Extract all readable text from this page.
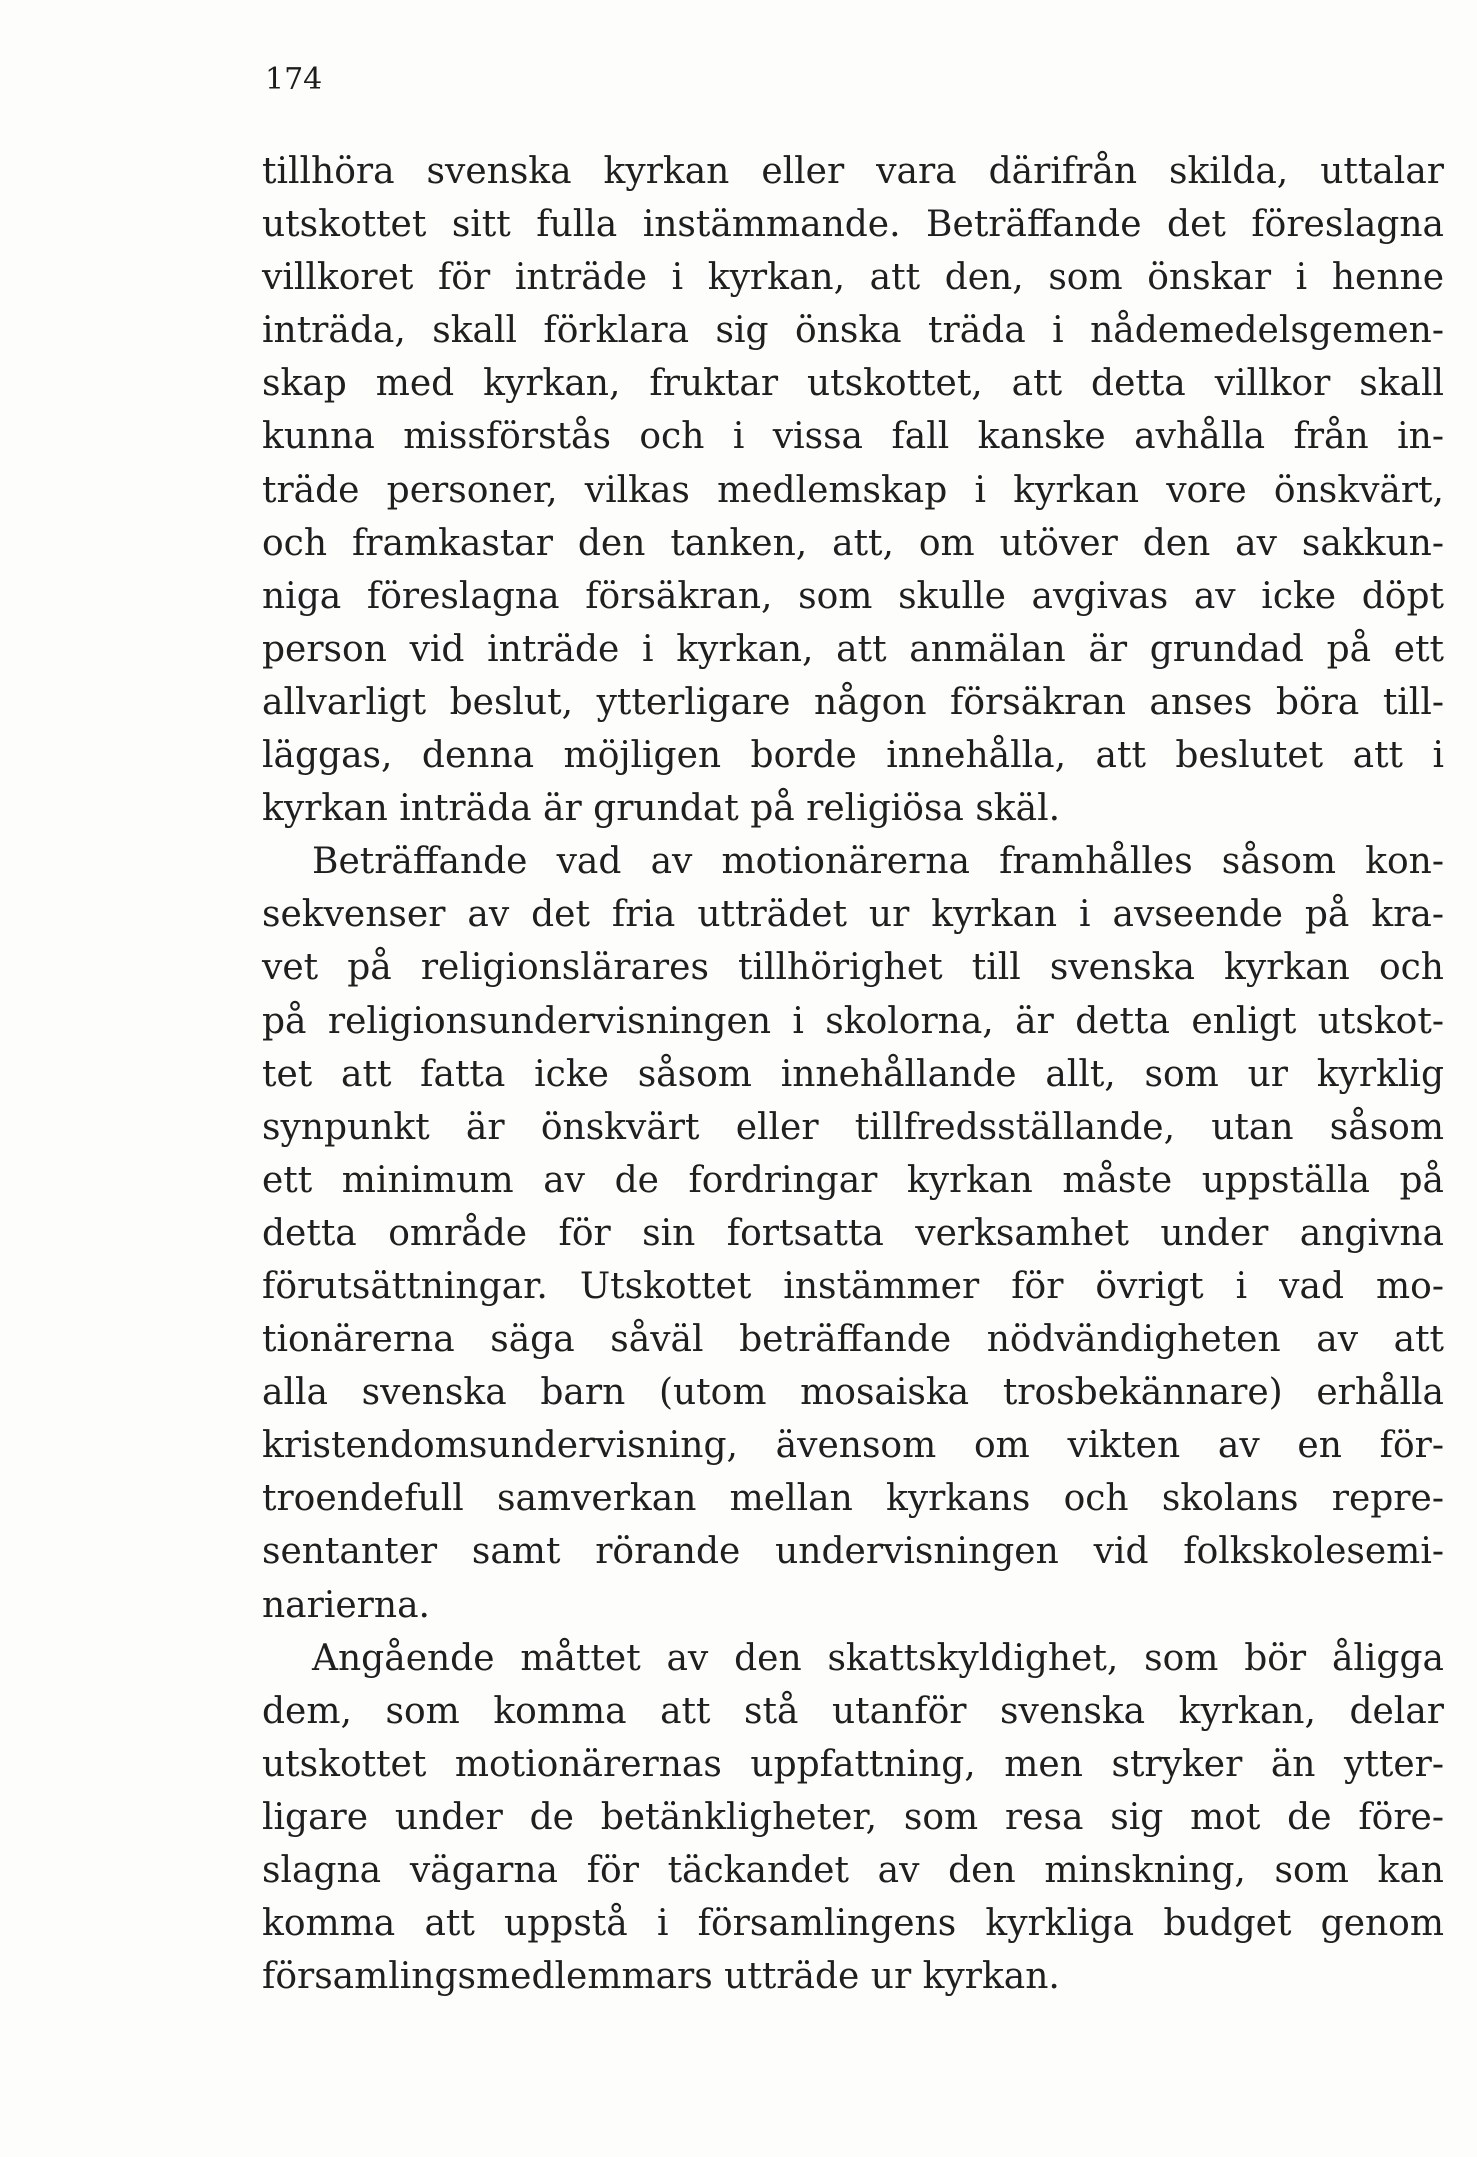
174
tillhöra svenska kyrkan eller vara därifrån skilda, uttalar
utskottet sitt fulla instämmande. Beträffande det föreslagna
villkoret för inträde i kyrkan, att den, som önskar i henne
inträda, skall förklara sig önska träda i nådemedelsgemen-
skap med kyrkan, fruktar utskottet, att detta villkor skall
kunna missförstås och i vissa fall kanske avhålla från in-
träde personer, vilkas medlemskap i kyrkan vore önskvärt,
och framkastar den tanken, att, om utöver den av sakkun-
niga föreslagna försäkran, som skulle avgivas av icke döpt
person vid inträde i kyrkan, att anmälan är grundad på ett
allvarligt beslut, ytterligare någon försäkran anses böra till-
läggas, denna möjligen borde innehålla, att beslutet att i
kyrkan inträda är grundat på religiösa skäl.
Beträffande vad av motionärerna framhålles såsom kon-
sekvenser av det fria utträdet ur kyrkan i avseende på kra-
vet på religionslärares tillhörighet till svenska kyrkan och
på religionsundervisningen i skolorna, är detta enligt utskot-
tet att fatta icke såsom innehållande allt, som ur kyrklig
synpunkt är önskvärt eller tillfredsställande, utan såsom
ett minimum av de fordringar kyrkan måste uppställa på
detta område för sin fortsatta verksamhet under angivna
förutsättningar. Utskottet instämmer för övrigt i vad mo-
tionärerna säga såväl beträffande nödvändigheten av att
alla svenska barn (utom mosaiska trosbekännare) erhålla
kristendomsundervisning, ävensom om vikten av en för-
troendefull samverkan mellan kyrkans och skolans repre-
sentanter samt rörande undervisningen vid folkskolesemi-
narierna.
Angående måttet av den skattskyldighet, som bör åligga
dem, som komma att stå utanför svenska kyrkan, delar
utskottet motionärernas uppfattning, men stryker än ytter-
ligare under de betänkligheter, som resa sig mot de före-
slagna vägarna för täckandet av den minskning, som kan
komma att uppstå i församlingens kyrkliga budget genom
församlingsmedlemmars utträde ur kyrkan.
